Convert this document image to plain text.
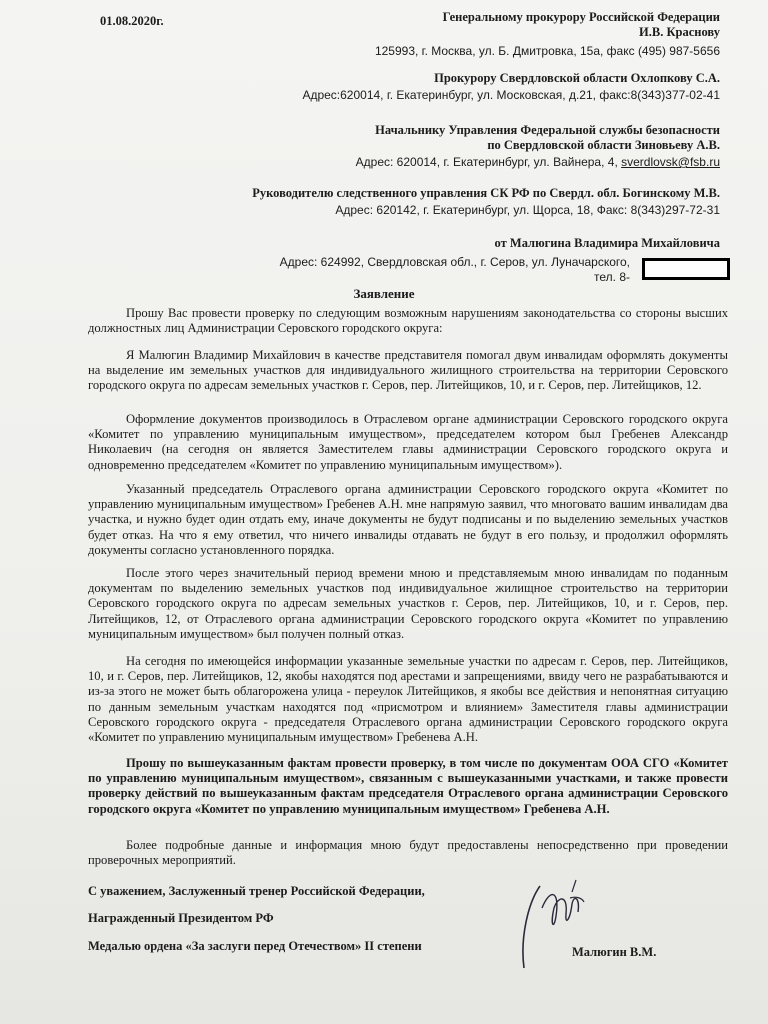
01.08.2020г.	Генеральному прокурору Российской Федерации
И.В. Краснову
125993, г. Москва, ул. Б. Дмитровка, 15а, факс (495) 987-5656
Прокурору Свердловской области Охлопкову С.А.
Адрес:620014, г. Екатеринбург, ул. Московская, д.21, факс:8(343)377-02-41
Начальнику Управления Федеральной службы безопасности
по Свердловской области Зиновьеву А.В.
Адрес: 620014, г. Екатеринбург, ул. Вайнера, 4, sverdlovsk@fsb.ru
Руководителю следственного управления СК РФ по Свердл. обл. Богинскому М.В.
Адрес: 620142, г. Екатеринбург, ул. Щорса, 18, Факс: 8(343)297-72-31
от Малюгина Владимира Михайловича
Адрес: 624992, Свердловская обл., г. Серов, ул. Луначарского,
тел. 8-
Заявление
Прошу Вас провести проверку по следующим возможным нарушениям законодательства со стороны высших должностных лиц Администрации Серовского городского округа:
Я Малюгин Владимир Михайлович в качестве представителя помогал двум инвалидам оформлять документы на выделение им земельных участков для индивидуального жилищного строительства на территории Серовского городского округа по адресам земельных участков г. Серов, пер. Литейщиков, 10, и г. Серов, пер. Литейщиков, 12.
Оформление документов производилось в Отраслевом органе администрации Серовского городского округа «Комитет по управлению муниципальным имуществом», председателем котором был Гребенев Александр Николаевич (на сегодня он является Заместителем главы администрации Серовского городского округа и одновременно председателем «Комитет по управлению муниципальным имуществом»).
Указанный председатель Отраслевого органа администрации Серовского городского округа «Комитет по управлению муниципальным имуществом» Гребенев А.Н. мне напрямую заявил, что многовато вашим инвалидам два участка, и нужно будет один отдать ему, иначе документы не будут подписаны и по выделению земельных участков будет отказ. На что я ему ответил, что ничего инвалиды отдавать не будут в его пользу, и продолжил оформлять документы согласно установленного порядка.
После этого через значительный период времени мною и представляемым мною инвалидам по поданным документам по выделению земельных участков под индивидуальное жилищное строительство на территории Серовского городского округа по адресам земельных участков г. Серов, пер. Литейщиков, 10, и г. Серов, пер. Литейщиков, 12, от Отраслевого органа администрации Серовского городского округа «Комитет по управлению муниципальным имуществом» был получен полный отказ.
На сегодня по имеющейся информации указанные земельные участки по адресам г. Серов, пер. Литейщиков, 10, и г. Серов, пер. Литейщиков, 12, якобы находятся под арестами и запрещениями, ввиду чего не разрабатываются и из-за этого не может быть облагорожена улица - переулок Литейщиков, я якобы все действия и непонятная ситуацию по данным земельным участкам находятся под «присмотром и влиянием» Заместителя главы администрации Серовского городского округа - председателя Отраслевого органа администрации Серовского городского округа «Комитет по управлению муниципальным имуществом» Гребенева А.Н.
Прошу по вышеуказанным фактам провести проверку, в том числе по документам ООА СГО «Комитет по управлению муниципальным имуществом», связанным с вышеуказанными участками, и также провести проверку действий по вышеуказанным фактам председателя Отраслевого органа администрации Серовского городского округа «Комитет по управлению муниципальным имуществом» Гребенева А.Н.
Более подробные данные и информация мною будут предоставлены непосредственно при проведении проверочных мероприятий.
С уважением, Заслуженный тренер Российской Федерации,
Награжденный Президентом РФ
Медалью ордена «За заслуги перед Отечеством» II степени	Малюгин В.М.
